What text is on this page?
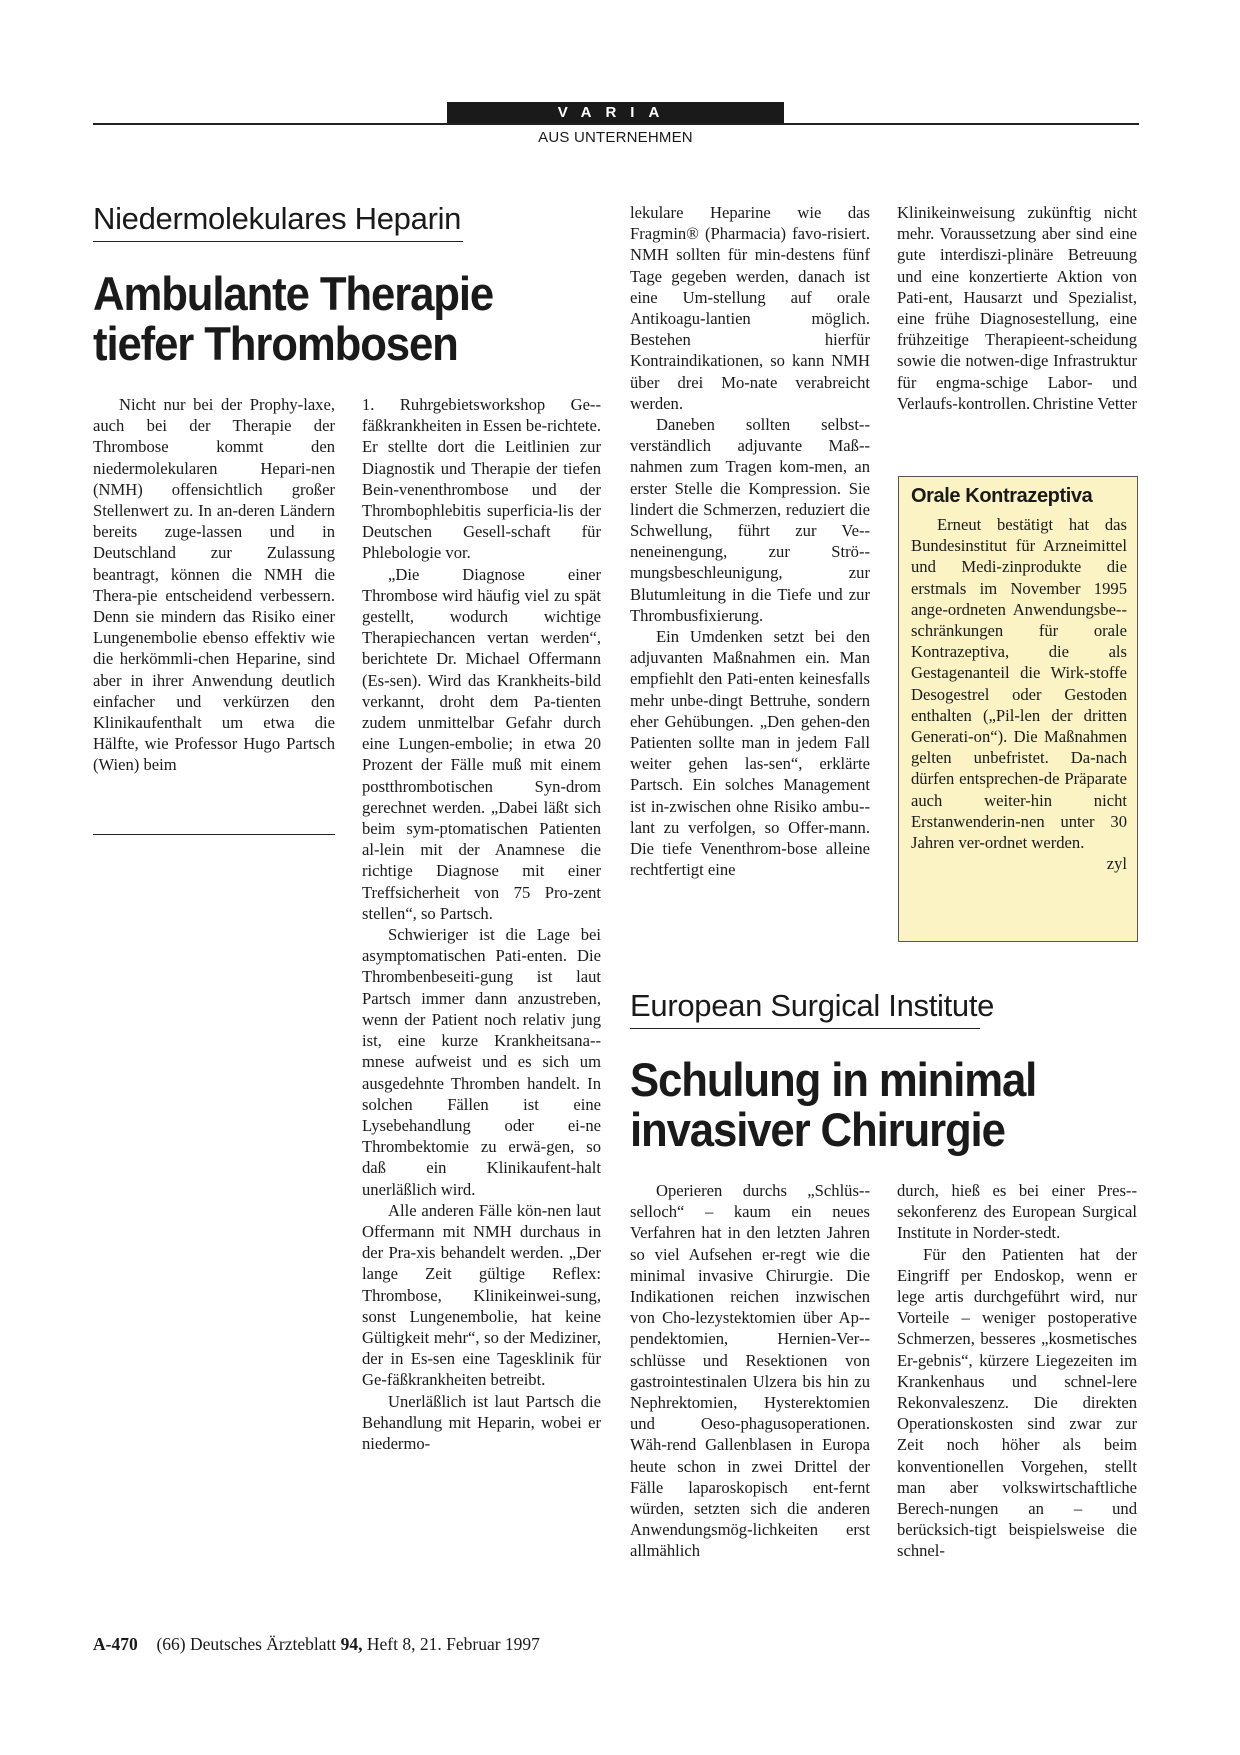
VARIA
AUS UNTERNEHMEN
Niedermolekulares Heparin
Ambulante Therapie
tiefer Thrombosen

Nicht nur bei der Prophy-laxe, auch bei der Therapie der Thrombose kommt den niedermolekularen Hepari-nen (NMH) offensichtlich großer Stellenwert zu. In an-deren Ländern bereits zuge-lassen und in Deutschland zur Zulassung beantragt, können die NMH die Thera-pie entscheidend verbessern. Denn sie mindern das Risiko einer Lungenembolie ebenso effektiv wie die herkömmli-chen Heparine, sind aber in ihrer Anwendung deutlich einfacher und verkürzen den Klinikaufenthalt um etwa die Hälfte, wie Professor Hugo Partsch (Wien) beim

1. Ruhrgebietsworkshop Ge-fäßkrankheiten in Essen be-richtete. Er stellte dort die Leitlinien zur Diagnostik und Therapie der tiefen Bein-venenthrombose und der Thrombophlebitis superficia-lis der Deutschen Gesell-schaft für Phlebologie vor.

„Die Diagnose einer Thrombose wird häufig viel zu spät gestellt, wodurch wichtige Therapiechancen vertan werden“, berichtete Dr. Michael Offermann (Es-sen). Wird das Krankheits-bild verkannt, droht dem Pa-tienten zudem unmittelbar Gefahr durch eine Lungen-embolie; in etwa 20 Prozent der Fälle muß mit einem postthrombotischen Syn-drom gerechnet werden. „Dabei läßt sich beim sym-ptomatischen Patienten al-lein mit der Anamnese die richtige Diagnose mit einer Treffsicherheit von 75 Pro-zent stellen“, so Partsch.

Schwieriger ist die Lage bei asymptomatischen Pati-enten. Die Thrombenbeseiti-gung ist laut Partsch immer dann anzustreben, wenn der Patient noch relativ jung ist, eine kurze Krankheitsana-mnese aufweist und es sich um ausgedehnte Thromben handelt. In solchen Fällen ist eine Lysebehandlung oder ei-ne Thrombektomie zu erwä-gen, so daß ein Klinikaufent-halt unerläßlich wird.

Alle anderen Fälle kön-nen laut Offermann mit NMH durchaus in der Pra-xis behandelt werden. „Der lange Zeit gültige Reflex: Thrombose, Klinikeinwei-sung, sonst Lungenembolie, hat keine Gültigkeit mehr“, so der Mediziner, der in Es-sen eine Tagesklinik für Ge-fäßkrankheiten betreibt.

Unerläßlich ist laut Partsch die Behandlung mit Heparin, wobei er niedermo-

lekulare Heparine wie das Fragmin® (Pharmacia) favo-risiert. NMH sollten für min-destens fünf Tage gegeben werden, danach ist eine Um-stellung auf orale Antikoagu-lantien möglich. Bestehen hierfür Kontraindikationen, so kann NMH über drei Mo-nate verabreicht werden.

Daneben sollten selbst-verständlich adjuvante Maß-nahmen zum Tragen kom-men, an erster Stelle die Kompression. Sie lindert die Schmerzen, reduziert die Schwellung, führt zur Ve-neneinengung, zur Strö-mungsbeschleunigung, zur Blutumleitung in die Tiefe und zur Thrombusfixierung.

Ein Umdenken setzt bei den adjuvanten Maßnahmen ein. Man empfiehlt den Pati-enten keinesfalls mehr unbe-dingt Bettruhe, sondern eher Gehübungen. „Den gehen-den Patienten sollte man in jedem Fall weiter gehen las-sen“, erklärte Partsch. Ein solches Management ist in-zwischen ohne Risiko ambu-lant zu verfolgen, so Offer-mann. Die tiefe Venenthrom-bose alleine rechtfertigt eine

Klinikeinweisung zukünftig nicht mehr. Voraussetzung aber sind eine gute interdiszi-plinäre Betreuung und eine konzertierte Aktion von Pati-ent, Hausarzt und Spezialist, eine frühe Diagnosestellung, eine frühzeitige Therapieent-scheidung sowie die notwen-dige Infrastruktur für engma-schige Labor- und Verlaufs-kontrollen. Christine Vetter

Orale Kontrazeptiva

Erneut bestätigt hat das Bundesinstitut für Arzneimittel und Medi-zinprodukte die erstmals im November 1995 ange-ordneten Anwendungsbe-schränkungen für orale Kontrazeptiva, die als Gestagenanteil die Wirk-stoffe Desogestrel oder Gestoden enthalten („Pil-len der dritten Generati-on“). Die Maßnahmen gelten unbefristet. Da-nach dürfen entsprechen-de Präparate auch weiter-hin nicht Erstanwenderin-nen unter 30 Jahren ver-ordnet werden.
zyl

European Surgical Institute
Schulung in minimal
invasiver Chirurgie

Operieren durchs „Schlüs-selloch“ – kaum ein neues Verfahren hat in den letzten Jahren so viel Aufsehen er-regt wie die minimal invasive Chirurgie. Die Indikationen reichen inzwischen von Cho-lezystektomien über Ap-pendektomien, Hernien-Ver-schlüsse und Resektionen von gastrointestinalen Ulzera bis hin zu Nephrektomien, Hysterektomien und Oeso-phagusoperationen. Wäh-rend Gallenblasen in Europa heute schon in zwei Drittel der Fälle laparoskopisch ent-fernt würden, setzten sich die anderen Anwendungsmög-lichkeiten erst allmählich

durch, hieß es bei einer Pres-sekonferenz des European Surgical Institute in Norder-stedt.

Für den Patienten hat der Eingriff per Endoskop, wenn er lege artis durchgeführt wird, nur Vorteile – weniger postoperative Schmerzen, besseres „kosmetisches Er-gebnis“, kürzere Liegezeiten im Krankenhaus und schnel-lere Rekonvaleszenz. Die direkten Operationskosten sind zwar zur Zeit noch höher als beim konventionellen Vorgehen, stellt man aber volkswirtschaftliche Berech-nungen an – und berücksich-tigt beispielsweise die schnel-

A-470 (66) Deutsches Ärzteblatt 94, Heft 8, 21. Februar 1997
